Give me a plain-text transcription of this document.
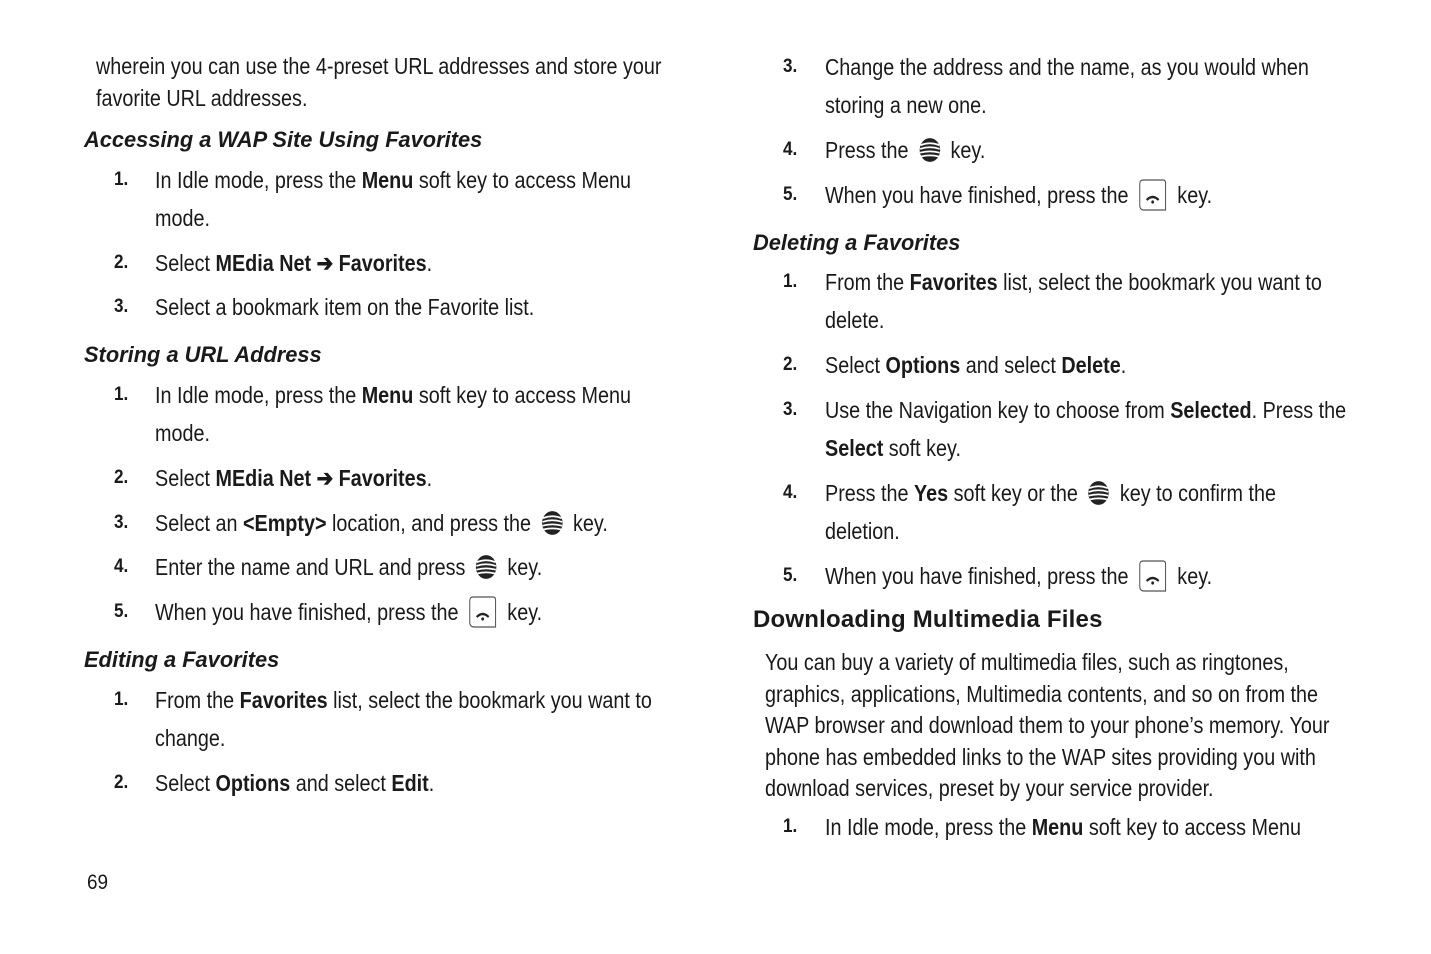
wherein you can use the 4-preset URL addresses and store your
favorite URL addresses.
Accessing a WAP Site Using Favorites
1. In Idle mode, press the Menu soft key to access Menu
mode.
2. Select MEdia Net ➔ Favorites.
3. Select a bookmark item on the Favorite list.
Storing a URL Address
1. In Idle mode, press the Menu soft key to access Menu
mode.
2. Select MEdia Net ➔ Favorites.
3. Select an <Empty> location, and press the key.
4. Enter the name and URL and press key.
5. When you have finished, press the key.
Editing a Favorites
1. From the Favorites list, select the bookmark you want to
change.
2. Select Options and select Edit.
3. Change the address and the name, as you would when
storing a new one.
4. Press the key.
5. When you have finished, press the key.
Deleting a Favorites
1. From the Favorites list, select the bookmark you want to
delete.
2. Select Options and select Delete.
3. Use the Navigation key to choose from Selected. Press the
Select soft key.
4. Press the Yes soft key or the key to confirm the
deletion.
5. When you have finished, press the key.
Downloading Multimedia Files
You can buy a variety of multimedia files, such as ringtones,
graphics, applications, Multimedia contents, and so on from the
WAP browser and download them to your phone’s memory. Your
phone has embedded links to the WAP sites providing you with
download services, preset by your service provider.
1. In Idle mode, press the Menu soft key to access Menu
69
